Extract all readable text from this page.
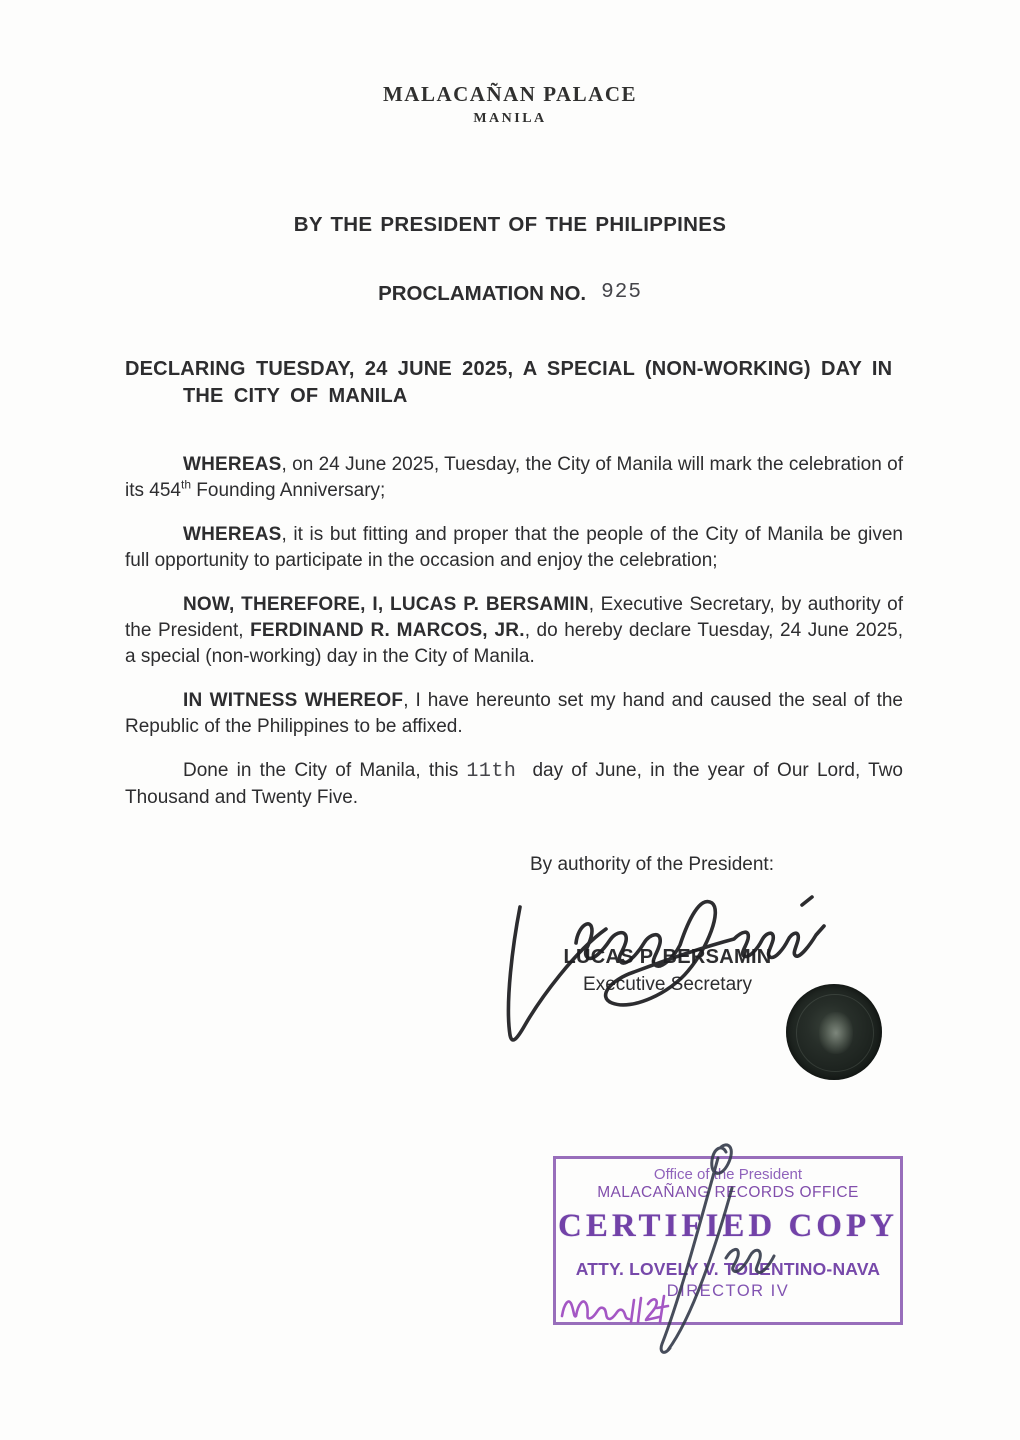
MALACAÑAN PALACE
MANILA
BY THE PRESIDENT OF THE PHILIPPINES
PROCLAMATION NO. 925
DECLARING TUESDAY, 24 JUNE 2025, A SPECIAL (NON-WORKING) DAY IN
THE CITY OF MANILA

WHEREAS, on 24 June 2025, Tuesday, the City of Manila will mark the celebration of its 454th Founding Anniversary;

WHEREAS, it is but fitting and proper that the people of the City of Manila be given full opportunity to participate in the occasion and enjoy the celebration;

NOW, THEREFORE, I, LUCAS P. BERSAMIN, Executive Secretary, by authority of the President, FERDINAND R. MARCOS, JR., do hereby declare Tuesday, 24 June 2025, a special (non-working) day in the City of Manila.

IN WITNESS WHEREOF, I have hereunto set my hand and caused the seal of the Republic of the Philippines to be affixed.

Done in the City of Manila, this 11th day of June, in the year of Our Lord, Two Thousand and Twenty Five.

By authority of the President:
LUCAS P. BERSAMIN
Executive Secretary
Office of the President
MALACAÑANG RECORDS OFFICE
CERTIFIED COPY
ATTY. LOVELY V. TOLENTINO-NAVA
DIRECTOR IV
